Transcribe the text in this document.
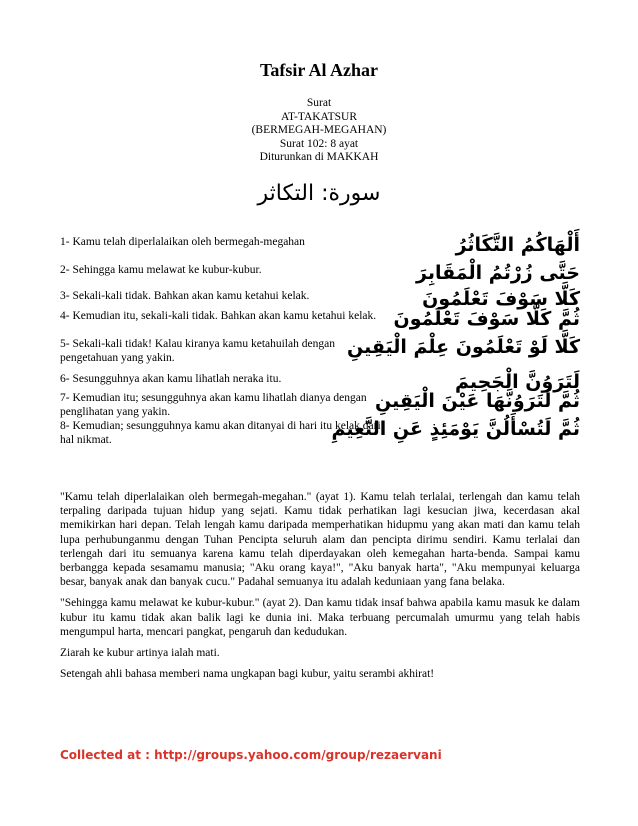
Tafsir Al Azhar
Surat
AT-TAKATSUR
(BERMEGAH-MEGAHAN)
Surat 102: 8 ayat
Diturunkan di MAKKAH
سورة: التكاثر
1- Kamu telah diperlalaikan oleh bermegah-megahan	أَلْهَاكُمُ التَّكَاثُرُ
2- Sehingga kamu melawat ke kubur-kubur.	حَتَّى زُرْتُمُ الْمَقَابِرَ
3- Sekali-kali tidak. Bahkan akan kamu ketahui kelak.	كَلَّا سَوْفَ تَعْلَمُونَ
4- Kemudian itu, sekali-kali tidak. Bahkan akan kamu ketahui kelak. ثُمَّ كَلَّا سَوْفَ تَعْلَمُونَ
5- Sekali-kali tidak! Kalau kiranya kamu ketahuilah dengan pengetahuan yang yakin.	كَلَّا لَوْ تَعْلَمُونَ عِلْمَ الْيَقِينِ
6- Sesungguhnya akan kamu lihatlah neraka itu.	لَتَرَوُنَّ الْجَحِيمَ
7- Kemudian itu; sesungguhnya akan kamu lihatlah dianya dengan penglihatan yang yakin.	ثُمَّ لَتَرَوُنَّهَا عَيْنَ الْيَقِينِ
8- Kemudian; sesungguhnya kamu akan ditanyai di hari itu kelak dari hal nikmat.	ثُمَّ لَتُسْأَلُنَّ يَوْمَئِذٍ عَنِ النَّعِيمِ

"Kamu telah diperlalaikan oleh bermegah-megahan." (ayat 1). Kamu telah terlalai, terlengah dan kamu telah terpaling daripada tujuan hidup yang sejati. Kamu tidak perhatikan lagi kesucian jiwa, kecerdasan akal memikirkan hari depan. Telah lengah kamu daripada memperhatikan hidupmu yang akan mati dan kamu telah lupa perhubunganmu dengan Tuhan Pencipta seluruh alam dan pencipta dirimu sendiri. Kamu terlalai dan terlengah dari itu semuanya karena kamu telah diperdayakan oleh kemegahan harta-benda. Sampai kamu berbangga kepada sesamamu manusia; "Aku orang kaya!", "Aku banyak harta", "Aku mempunyai keluarga besar, banyak anak dan banyak cucu." Padahal semuanya itu adalah keduniaan yang fana belaka.

"Sehingga kamu melawat ke kubur-kubur." (ayat 2). Dan kamu tidak insaf bahwa apabila kamu masuk ke dalam kubur itu kamu tidak akan balik lagi ke dunia ini. Maka terbuang percumalah umurmu yang telah habis mengumpul harta, mencari pangkat, pengaruh dan kedudukan.

Ziarah ke kubur artinya ialah mati.

Setengah ahli bahasa memberi nama ungkapan bagi kubur, yaitu serambi akhirat!

Collected at : http://groups.yahoo.com/group/rezaervani
